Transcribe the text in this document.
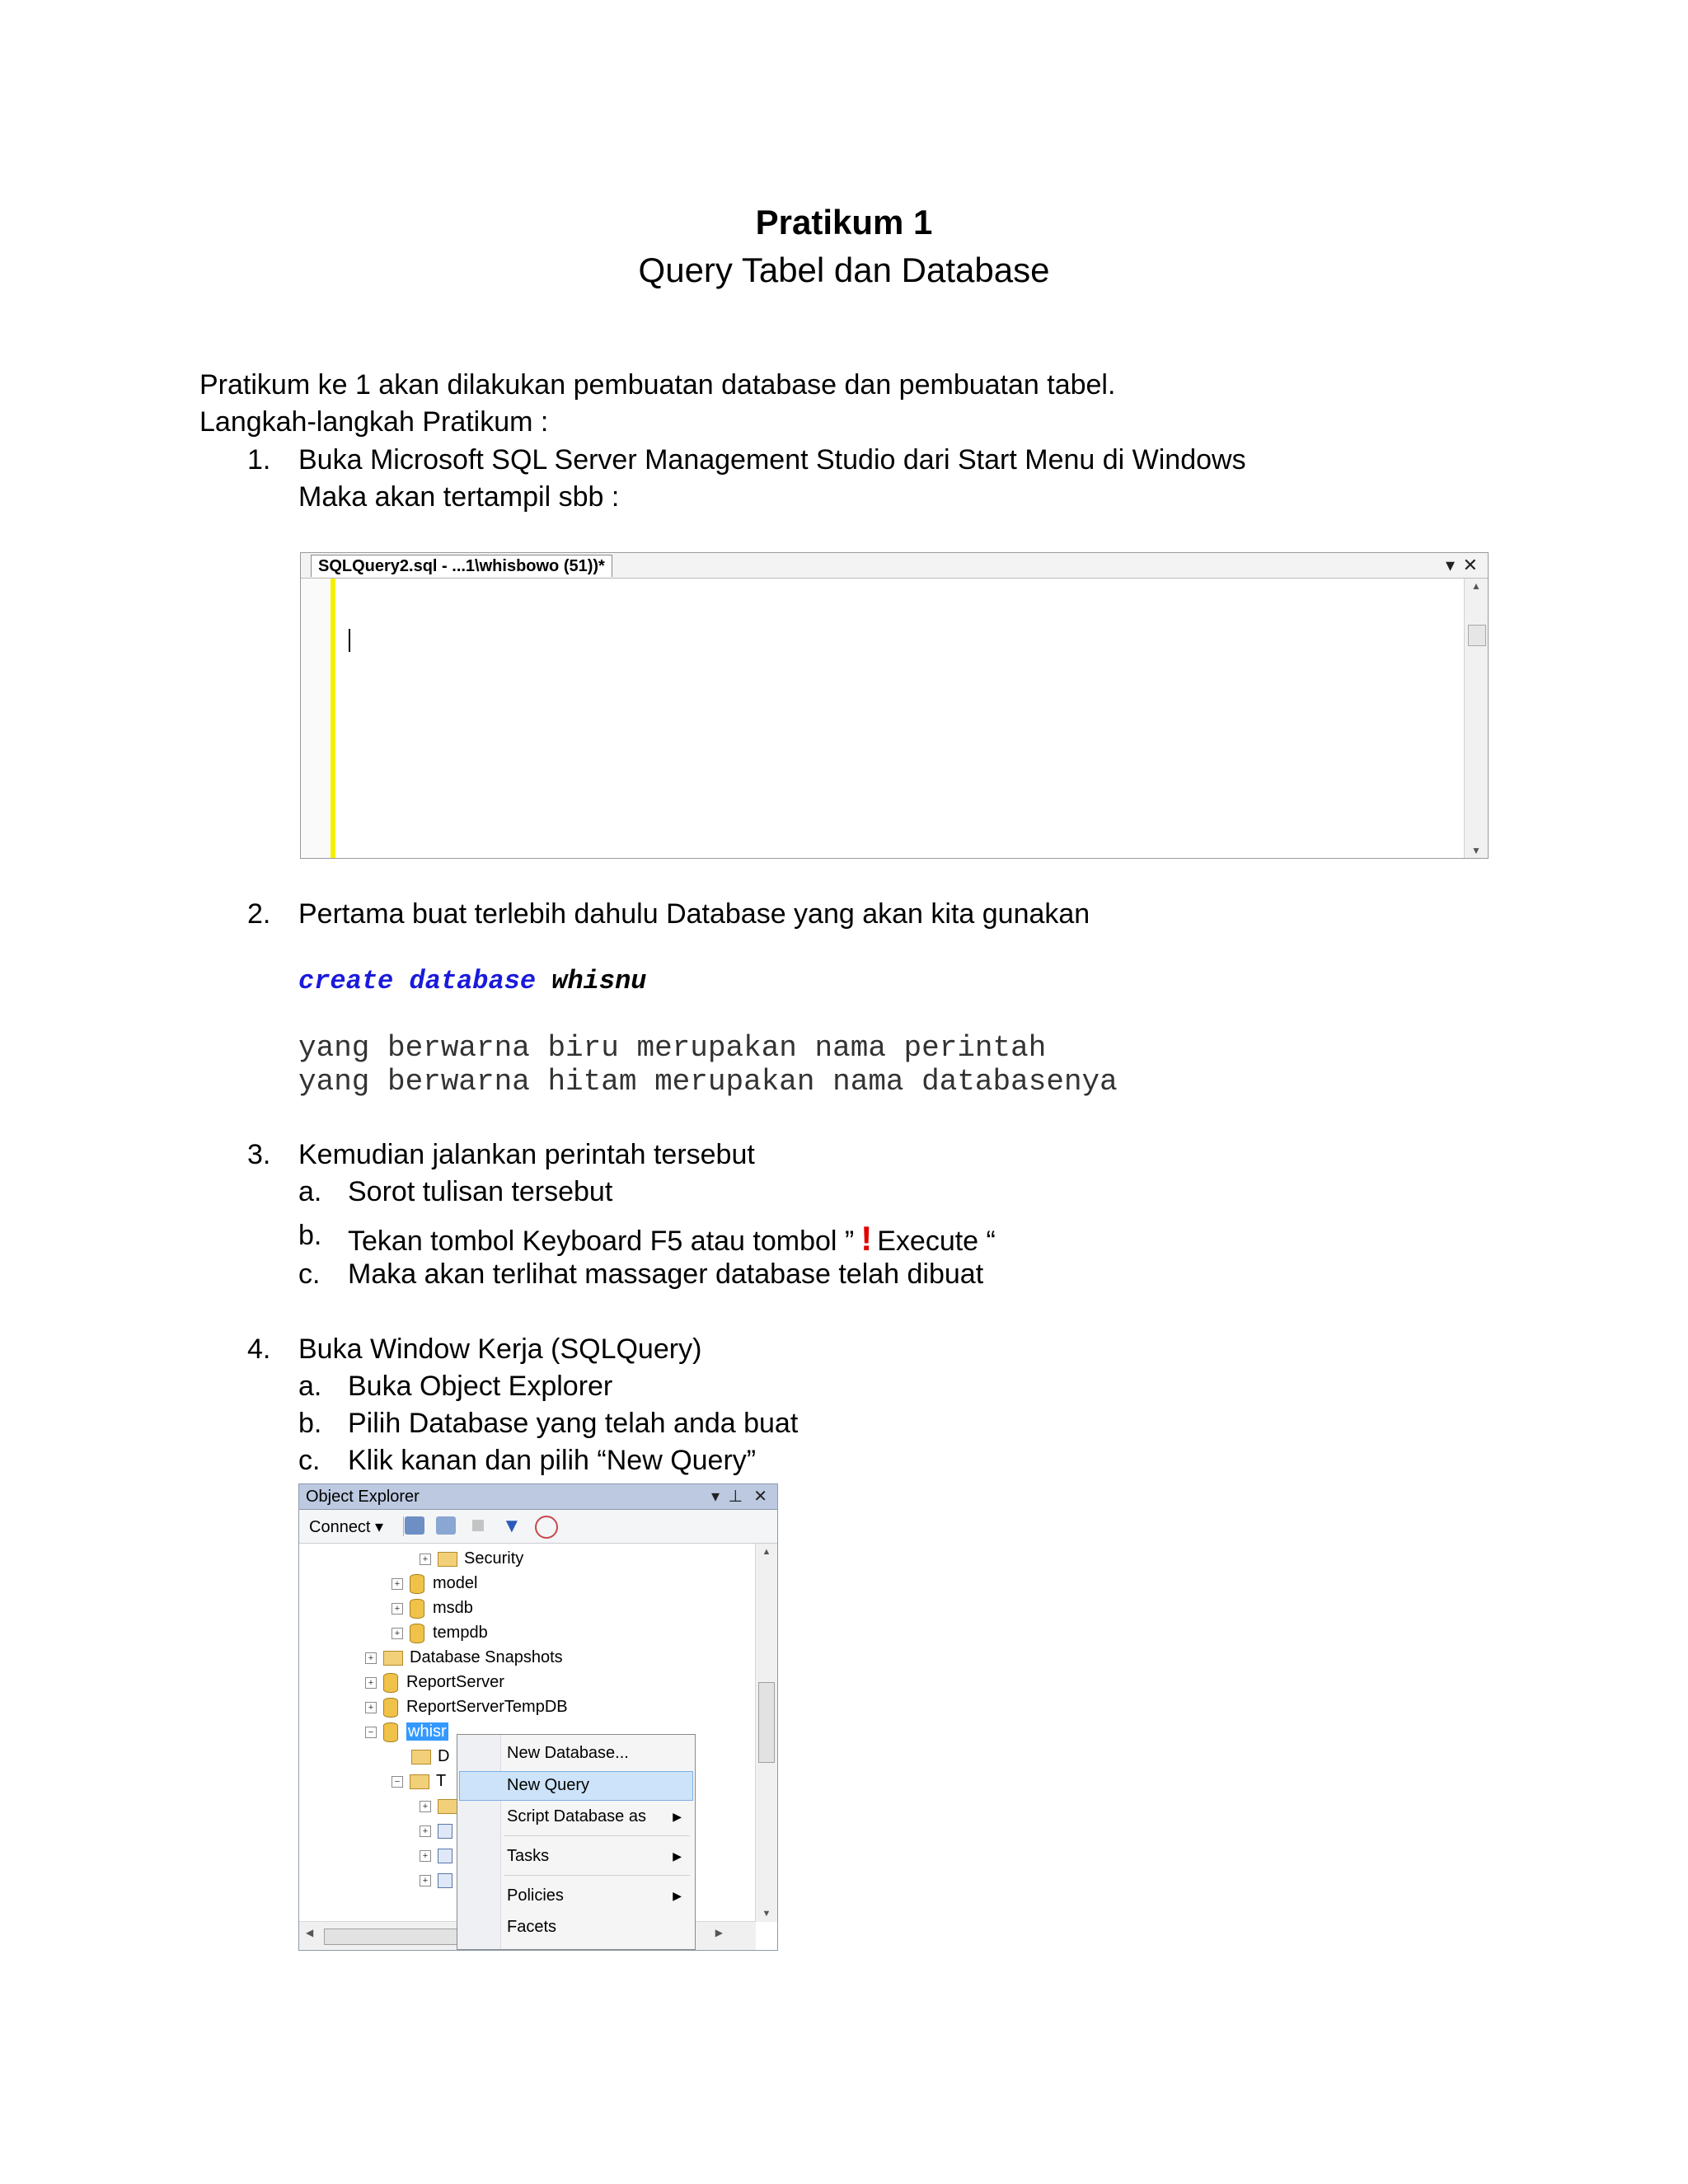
Pratikum 1
Query Tabel dan Database
Pratikum ke 1 akan dilakukan pembuatan database dan pembuatan tabel.
Langkah-langkah Pratikum :
1. Buka Microsoft SQL Server Management Studio dari Start Menu di Windows
Maka akan tertampil sbb :
SQLQuery2.sql - ...1\whisbowo (51))*	▾ ✕
▲
▼
2. Pertama buat terlebih dahulu Database yang akan kita gunakan
create database whisnu
yang berwarna biru merupakan nama perintah
yang berwarna hitam merupakan nama databasenya
3. Kemudian jalankan perintah tersebut
a. Sorot tulisan tersebut
b. Tekan tombol Keyboard F5 atau tombol ” ! Execute “
c. Maka akan terlihat massager database telah dibuat
4. Buka Window Kerja (SQLQuery)
a. Buka Object Explorer
b. Pilih Database yang telah anda buat
c. Klik kanan dan pilih “New Query”
Object Explorer	▾ ⊥ ✕
Connect ▾	▼
+ Security
+ model
+ msdb
+ tempdb
+ Database Snapshots
+ ReportServer
+ ReportServerTempDB
− whisr
D
− T
+
+
+
+
▲
▼
◀	▶
New Database...
New Query
Script Database as ▶
Tasks	▶
Policies	▶
Facets
